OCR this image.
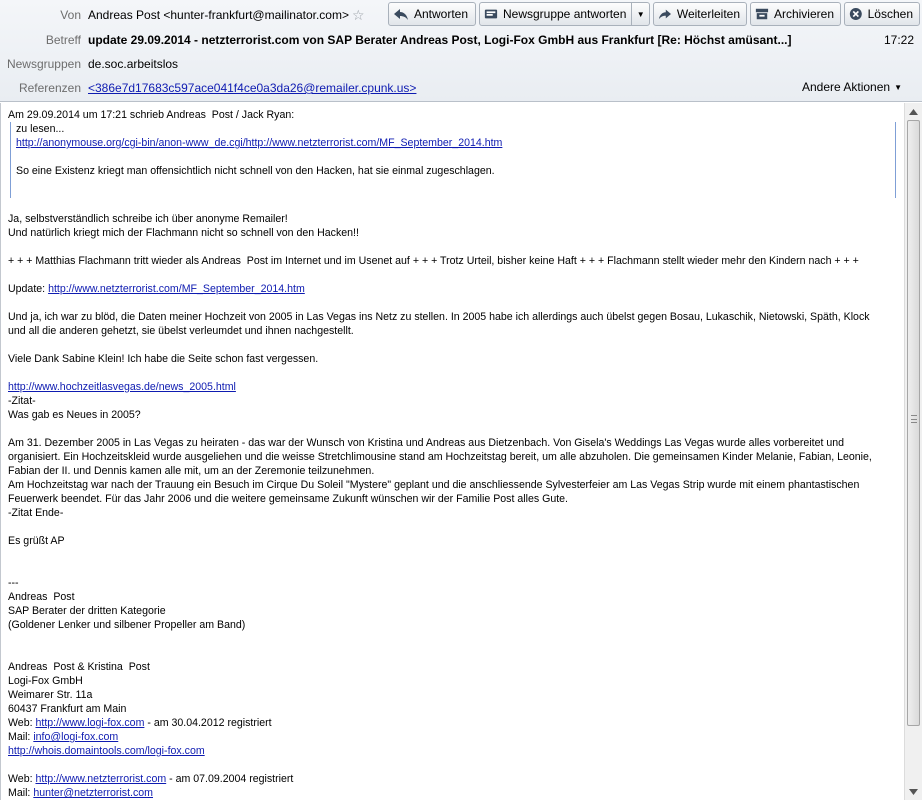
Von Andreas Post <hunter-frankfurt@mailinator.com> ☆	Antworten	Newsgruppe antworten	▼	Weiterleiten	Archivieren	Löschen
Betreff update 29.09.2014 - netzterrorist.com von SAP Berater Andreas Post, Logi-Fox GmbH aus Frankfurt [Re: Höchst amüsant...]	17:22
Newsgruppen de.soc.arbeitslos
Referenzen <386e7d17683c597ace041f4ce0a3da26@remailer.cpunk.us>	Andere Aktionen ▼
Am 29.09.2014 um 17:21 schrieb Andreas  Post / Jack Ryan:
zu lesen...
http://anonymouse.org/cgi-bin/anon-www_de.cgi/http://www.netzterrorist.com/MF_September_2014.htm
So eine Existenz kriegt man offensichtlich nicht schnell von den Hacken, hat sie einmal zugeschlagen.
Ja, selbstverständlich schreibe ich über anonyme Remailer!
Und natürlich kriegt mich der Flachmann nicht so schnell von den Hacken!!
+ + + Matthias Flachmann tritt wieder als Andreas  Post im Internet und im Usenet auf + + + Trotz Urteil, bisher keine Haft + + + Flachmann stellt wieder mehr den Kindern nach + + +
Update: http://www.netzterrorist.com/MF_September_2014.htm
Und ja, ich war zu blöd, die Daten meiner Hochzeit von 2005 in Las Vegas ins Netz zu stellen. In 2005 habe ich allerdings auch übelst gegen Bosau, Lukaschik, Nietowski, Späth, Klock
und all die anderen gehetzt, sie übelst verleumdet und ihnen nachgestellt.
Viele Dank Sabine Klein! Ich habe die Seite schon fast vergessen.
http://www.hochzeitlasvegas.de/news_2005.html
-Zitat-
Was gab es Neues in 2005?
Am 31. Dezember 2005 in Las Vegas zu heiraten - das war der Wunsch von Kristina und Andreas aus Dietzenbach. Von Gisela's Weddings Las Vegas wurde alles vorbereitet und
organisiert. Ein Hochzeitskleid wurde ausgeliehen und die weisse Stretchlimousine stand am Hochzeitstag bereit, um alle abzuholen. Die gemeinsamen Kinder Melanie, Fabian, Leonie,
Fabian der II. und Dennis kamen alle mit, um an der Zeremonie teilzunehmen.
Am Hochzeitstag war nach der Trauung ein Besuch im Cirque Du Soleil "Mystere" geplant und die anschliessende Sylvesterfeier am Las Vegas Strip wurde mit einem phantastischen
Feuerwerk beendet. Für das Jahr 2006 und die weitere gemeinsame Zukunft wünschen wir der Familie Post alles Gute.
-Zitat Ende-
Es grüßt AP
---
Andreas  Post
SAP Berater der dritten Kategorie
(Goldener Lenker und silbener Propeller am Band)
Andreas  Post & Kristina  Post
Logi-Fox GmbH
Weimarer Str. 11a
60437 Frankfurt am Main
Web: http://www.logi-fox.com - am 30.04.2012 registriert
Mail: info@logi-fox.com
http://whois.domaintools.com/logi-fox.com
Web: http://www.netzterrorist.com - am 07.09.2004 registriert
Mail: hunter@netzterrorist.com
